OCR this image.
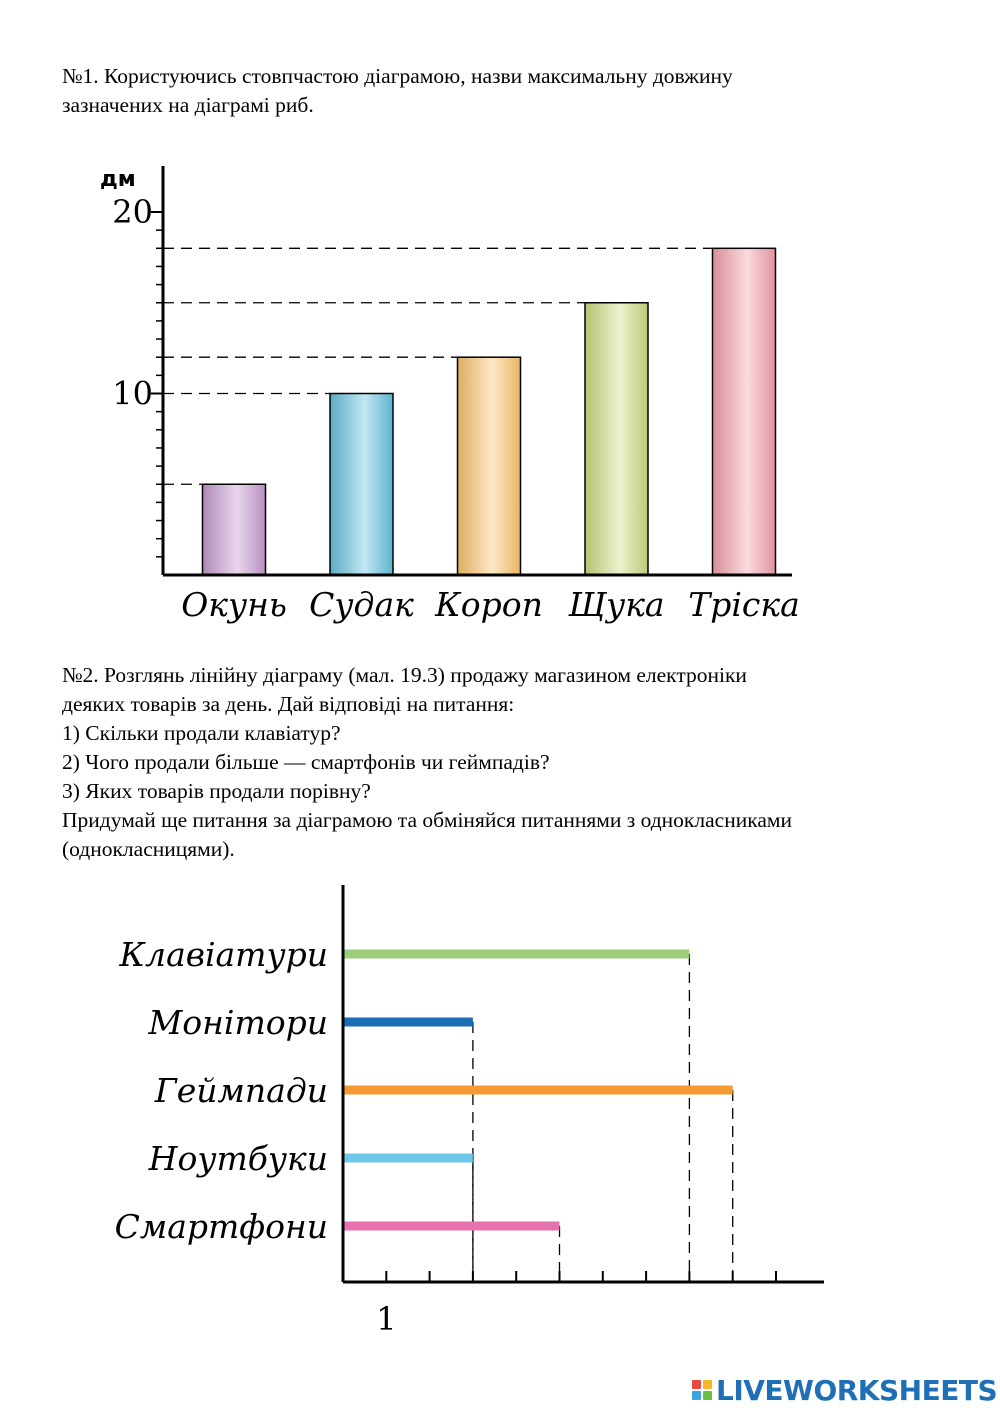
№1. Користуючись стовпчастою діаграмою, назви максимальну довжину

зазначених на діаграмі риб.

дм
10
20
Окунь Судак Короп Щука Тріска

№2. Розглянь лінійну діаграму (мал. 19.3) продажу магазином електроніки

деяких товарів за день. Дай відповіді на питання:

1) Скільки продали клавіатур?

2) Чого продали більше — смартфонів чи геймпадів?

3) Яких товарів продали порівну?

Придумай ще питання за діаграмою та обміняйся питаннями з однокласниками

(однокласницями).

1
Клавіатури
Монітори
Геймпади
Ноутбуки
Смартфони
LIVEWORKSHEETS
